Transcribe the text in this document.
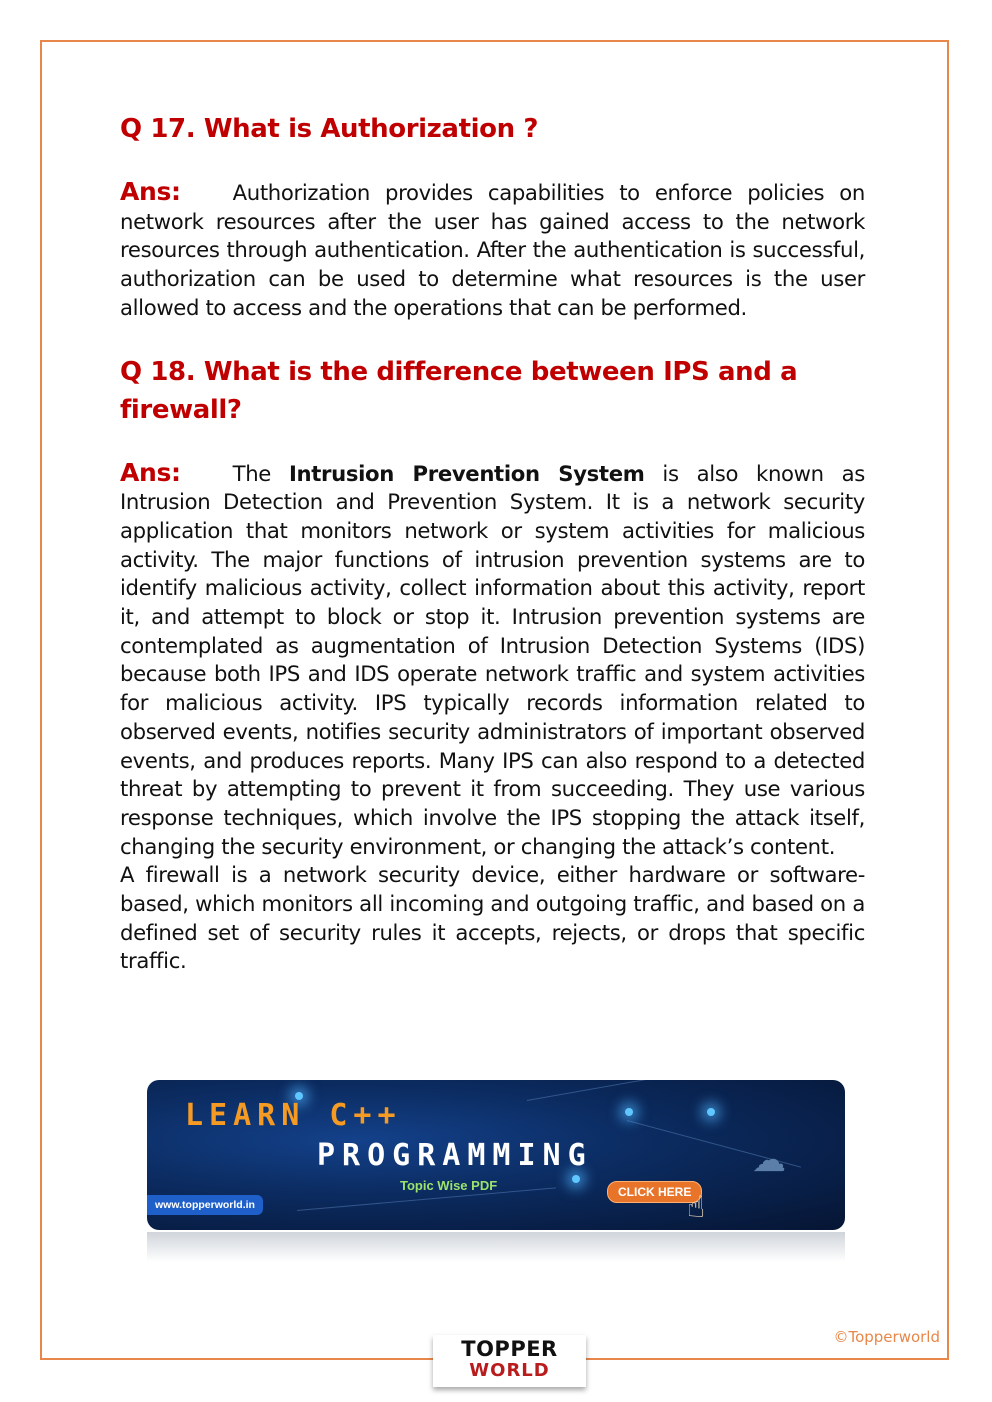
Q 17. What is Authorization ?

Ans: Authorization provides capabilities to enforce policies on network resources after the user has gained access to the network resources through authentication. After the authentication is successful, authorization can be used to determine what resources is the user allowed to access and the operations that can be performed.

Q 18. What is the difference between IPS and a firewall?

Ans: The Intrusion Prevention System is also known as Intrusion Detection and Prevention System. It is a network security application that monitors network or system activities for malicious activity. The major functions of intrusion prevention systems are to identify malicious activity, collect information about this activity, report it, and attempt to block or stop it. Intrusion prevention systems are contemplated as augmentation of Intrusion Detection Systems (IDS) because both IPS and IDS operate network traffic and system activities for malicious activity. IPS typically records information related to observed events, notifies security administrators of important observed events, and produces reports. Many IPS can also respond to a detected threat by attempting to prevent it from succeeding. They use various response techniques, which involve the IPS stopping the attack itself, changing the security environment, or changing the attack’s content.

A firewall is a network security device, either hardware or software-based, which monitors all incoming and outgoing traffic, and based on a defined set of security rules it accepts, rejects, or drops that specific traffic.

LEARN C++
PROGRAMMING
Topic Wise PDF
www.topperworld.in
CLICK HERE
☝
☁
©Topperworld
TOPPER
WORLD
